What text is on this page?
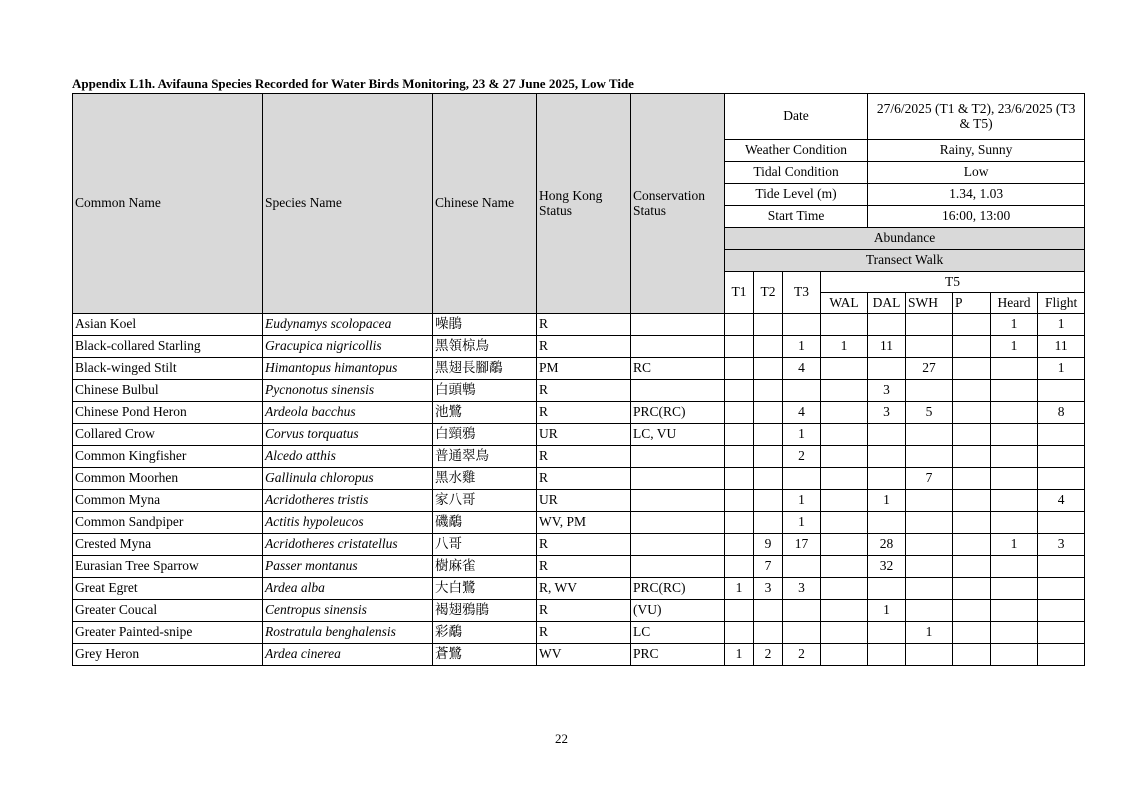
Appendix L1h. Avifauna Species Recorded for Water Birds Monitoring, 23 & 27 June 2025, Low Tide
Common Name	Species Name	Chinese Name	Hong Kong Status	Conservation Status	Date				27/6/2025 (T1 & T2), 23/6/2025 (T3 & T5)				
					Weather Condition				Rainy, Sunny				
					Tidal Condition				Low				
					Tide Level (m)				1.34, 1.03				
					Start Time				16:00, 13:00				
					Abundance								
					Transect Walk								
					T1	T2	T3	T5					
								WAL	DAL	SWH	P	Heard	Flight
Asian Koel	Eudynamys scolopacea	噪鵑	R									1	1
Black-collared Starling	Gracupica nigricollis	黑領椋鳥	R				1	1	11			1	11
Black-winged Stilt	Himantopus himantopus	黑翅長腳鷸	PM	RC			4			27			1
Chinese Bulbul	Pycnonotus sinensis	白頭鵯	R						3				
Chinese Pond Heron	Ardeola bacchus	池鷺	R	PRC(RC)			4		3	5			8
Collared Crow	Corvus torquatus	白頸鴉	UR	LC, VU			1						
Common Kingfisher	Alcedo atthis	普通翠鳥	R				2						
Common Moorhen	Gallinula chloropus	黑水雞	R							7			
Common Myna	Acridotheres tristis	家八哥	UR				1		1				4
Common Sandpiper	Actitis hypoleucos	磯鷸	WV, PM				1						
Crested Myna	Acridotheres cristatellus	八哥	R			9	17		28			1	3
Eurasian Tree Sparrow	Passer montanus	樹麻雀	R			7			32				
Great Egret	Ardea alba	大白鷺	R, WV	PRC(RC)	1	3	3						
Greater Coucal	Centropus sinensis	褐翅鴉鵑	R	(VU)					1				
Greater Painted-snipe	Rostratula benghalensis	彩鷸	R	LC						1			
Grey Heron	Ardea cinerea	蒼鷺	WV	PRC	1	2	2						
22
